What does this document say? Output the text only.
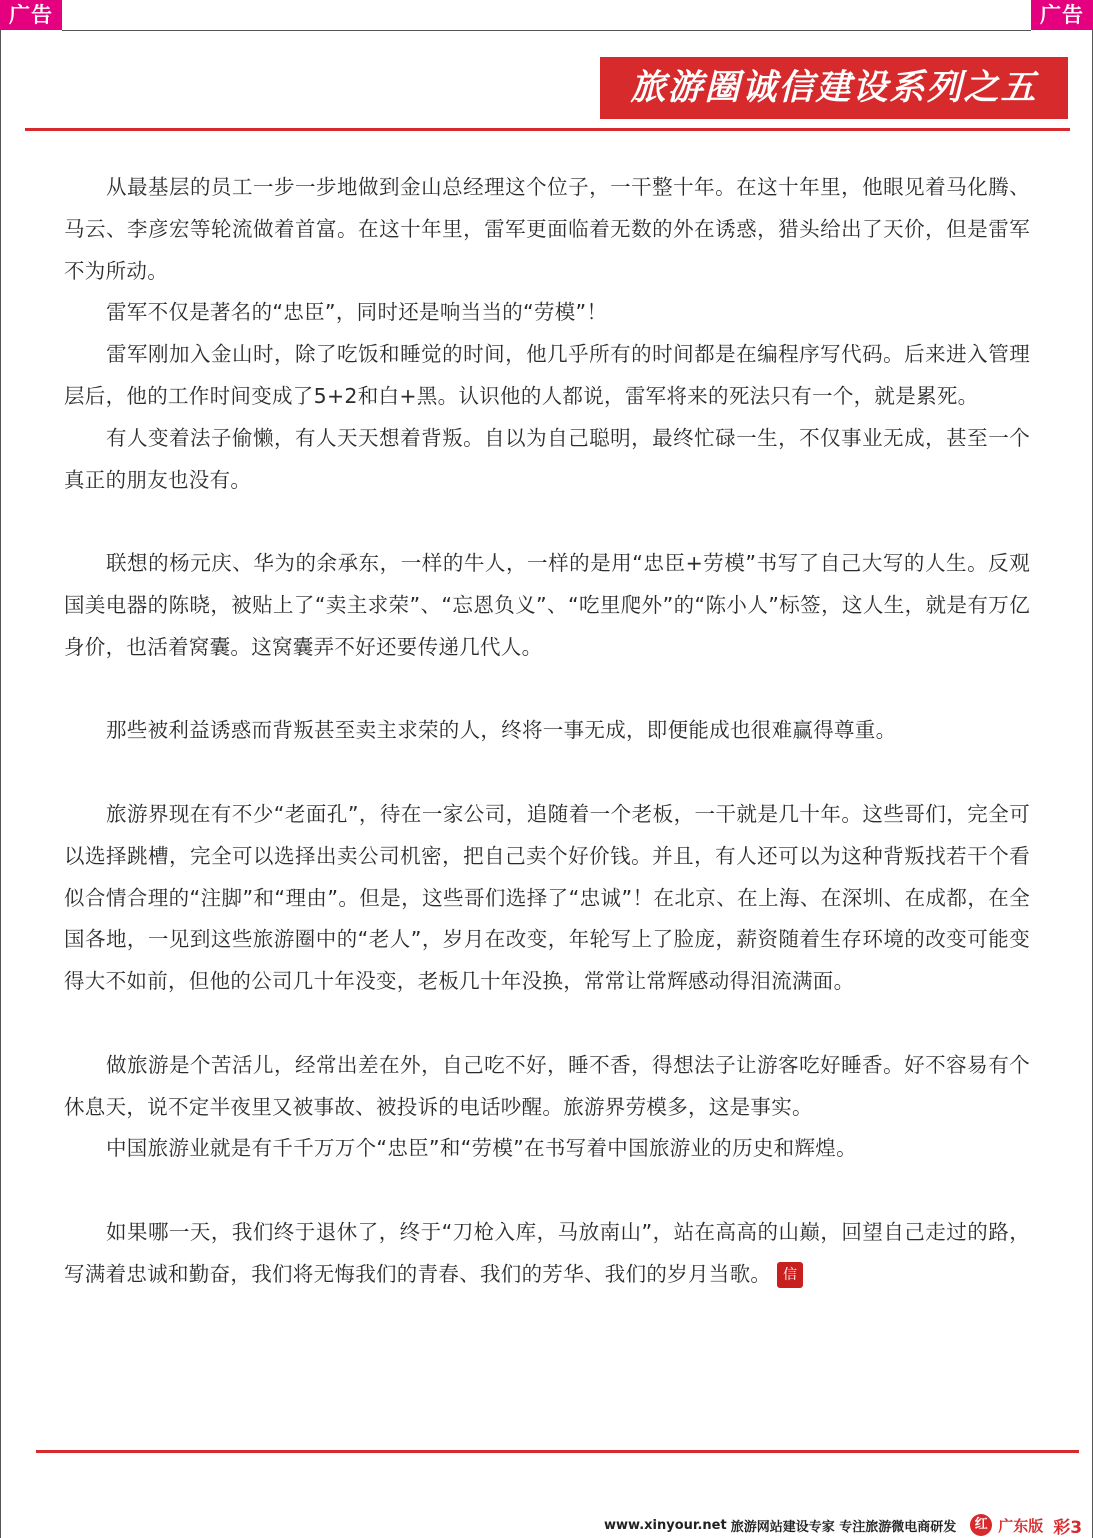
广告	广告
旅游圈诚信建设系列之五

从最基层的员工一步一步地做到金山总经理这个位子，一干整十年。在这十年里，他眼见着马化腾、马云、李彦宏等轮流做着首富。在这十年里，雷军更面临着无数的外在诱惑，猎头给出了天价，但是雷军不为所动。

雷军不仅是著名的“忠臣”，同时还是响当当的“劳模”！

雷军刚加入金山时，除了吃饭和睡觉的时间，他几乎所有的时间都是在编程序写代码。后来进入管理层后，他的工作时间变成了5+2和白+黑。认识他的人都说，雷军将来的死法只有一个，就是累死。

有人变着法子偷懒，有人天天想着背叛。自以为自己聪明，最终忙碌一生，不仅事业无成，甚至一个真正的朋友也没有。

联想的杨元庆、华为的余承东，一样的牛人，一样的是用“忠臣+劳模”书写了自己大写的人生。反观国美电器的陈晓，被贴上了“卖主求荣”、“忘恩负义”、“吃里爬外”的“陈小人”标签，这人生，就是有万亿身价，也活着窝囊。这窝囊弄不好还要传递几代人。

那些被利益诱惑而背叛甚至卖主求荣的人，终将一事无成，即便能成也很难赢得尊重。

旅游界现在有不少“老面孔”，待在一家公司，追随着一个老板，一干就是几十年。这些哥们，完全可以选择跳槽，完全可以选择出卖公司机密，把自己卖个好价钱。并且，有人还可以为这种背叛找若干个看似合情合理的“注脚”和“理由”。但是，这些哥们选择了“忠诚”！在北京、在上海、在深圳、在成都，在全国各地，一见到这些旅游圈中的“老人”，岁月在改变，年轮写上了脸庞，薪资随着生存环境的改变可能变得大不如前，但他的公司几十年没变，老板几十年没换，常常让常辉感动得泪流满面。

做旅游是个苦活儿，经常出差在外，自己吃不好，睡不香，得想法子让游客吃好睡香。好不容易有个休息天，说不定半夜里又被事故、被投诉的电话吵醒。旅游界劳模多，这是事实。

中国旅游业就是有千千万万个“忠臣”和“劳模”在书写着中国旅游业的历史和辉煌。

如果哪一天，我们终于退休了，终于“刀枪入库，马放南山”，站在高高的山巅，回望自己走过的路，写满着忠诚和勤奋，我们将无悔我们的青春、我们的芳华、我们的岁月当歌。 信

www.xinyour.net 旅游网站建设专家 专注旅游微电商研发	红 广东版 彩3
